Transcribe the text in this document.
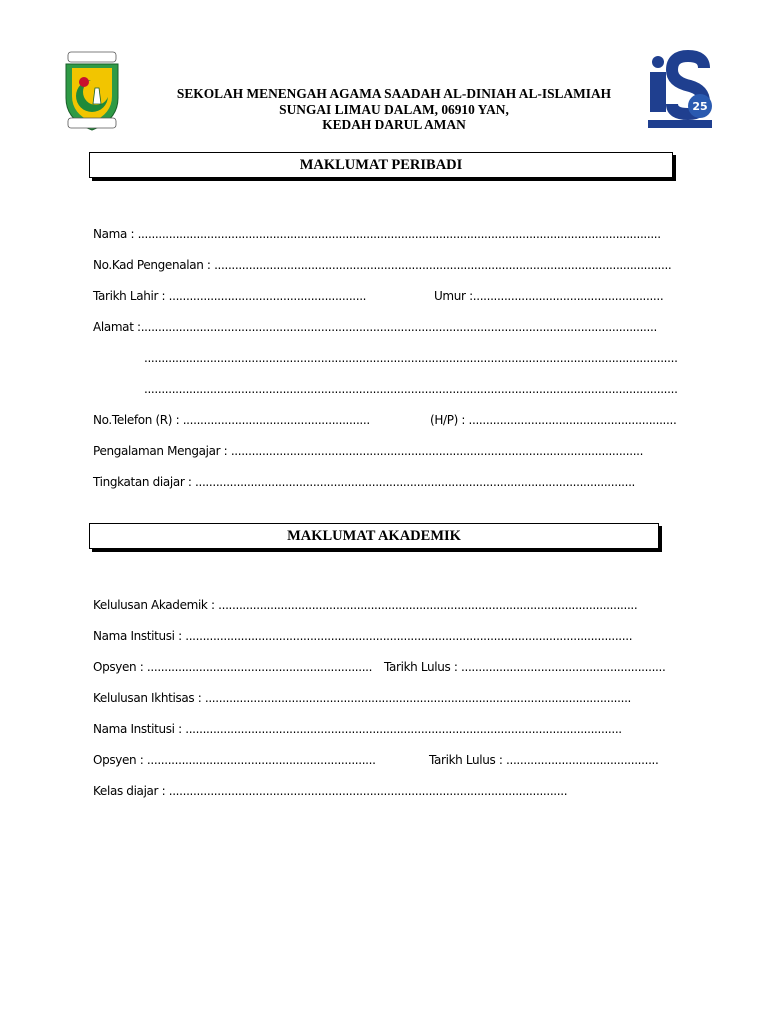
SEKOLAH MENENGAH AGAMA SAADAH AL-DINIAH AL-ISLAMIAH
SUNGAI LIMAU DALAM, 06910 YAN,
KEDAH DARUL AMAN
25
MAKLUMAT PERIBADI
Nama : .......................................................................................................................................................
No.Kad Pengenalan : ....................................................................................................................................
Tarikh Lahir : .........................................................	Umur :.......................................................
Alamat :.....................................................................................................................................................
..........................................................................................................................................................
..........................................................................................................................................................
No.Telefon (R) : ......................................................	(H/P) : ............................................................
Pengalaman Mengajar : .......................................................................................................................
Tingkatan diajar : ...............................................................................................................................
MAKLUMAT AKADEMIK
Kelulusan Akademik : .........................................................................................................................
Nama Institusi : .................................................................................................................................
Opsyen : ................................................................. Tarikh Lulus : ...........................................................
Kelulusan Ikhtisas : ...........................................................................................................................
Nama Institusi : ..............................................................................................................................
Opsyen : ..................................................................	Tarikh Lulus : ............................................
Kelas diajar : ...................................................................................................................
